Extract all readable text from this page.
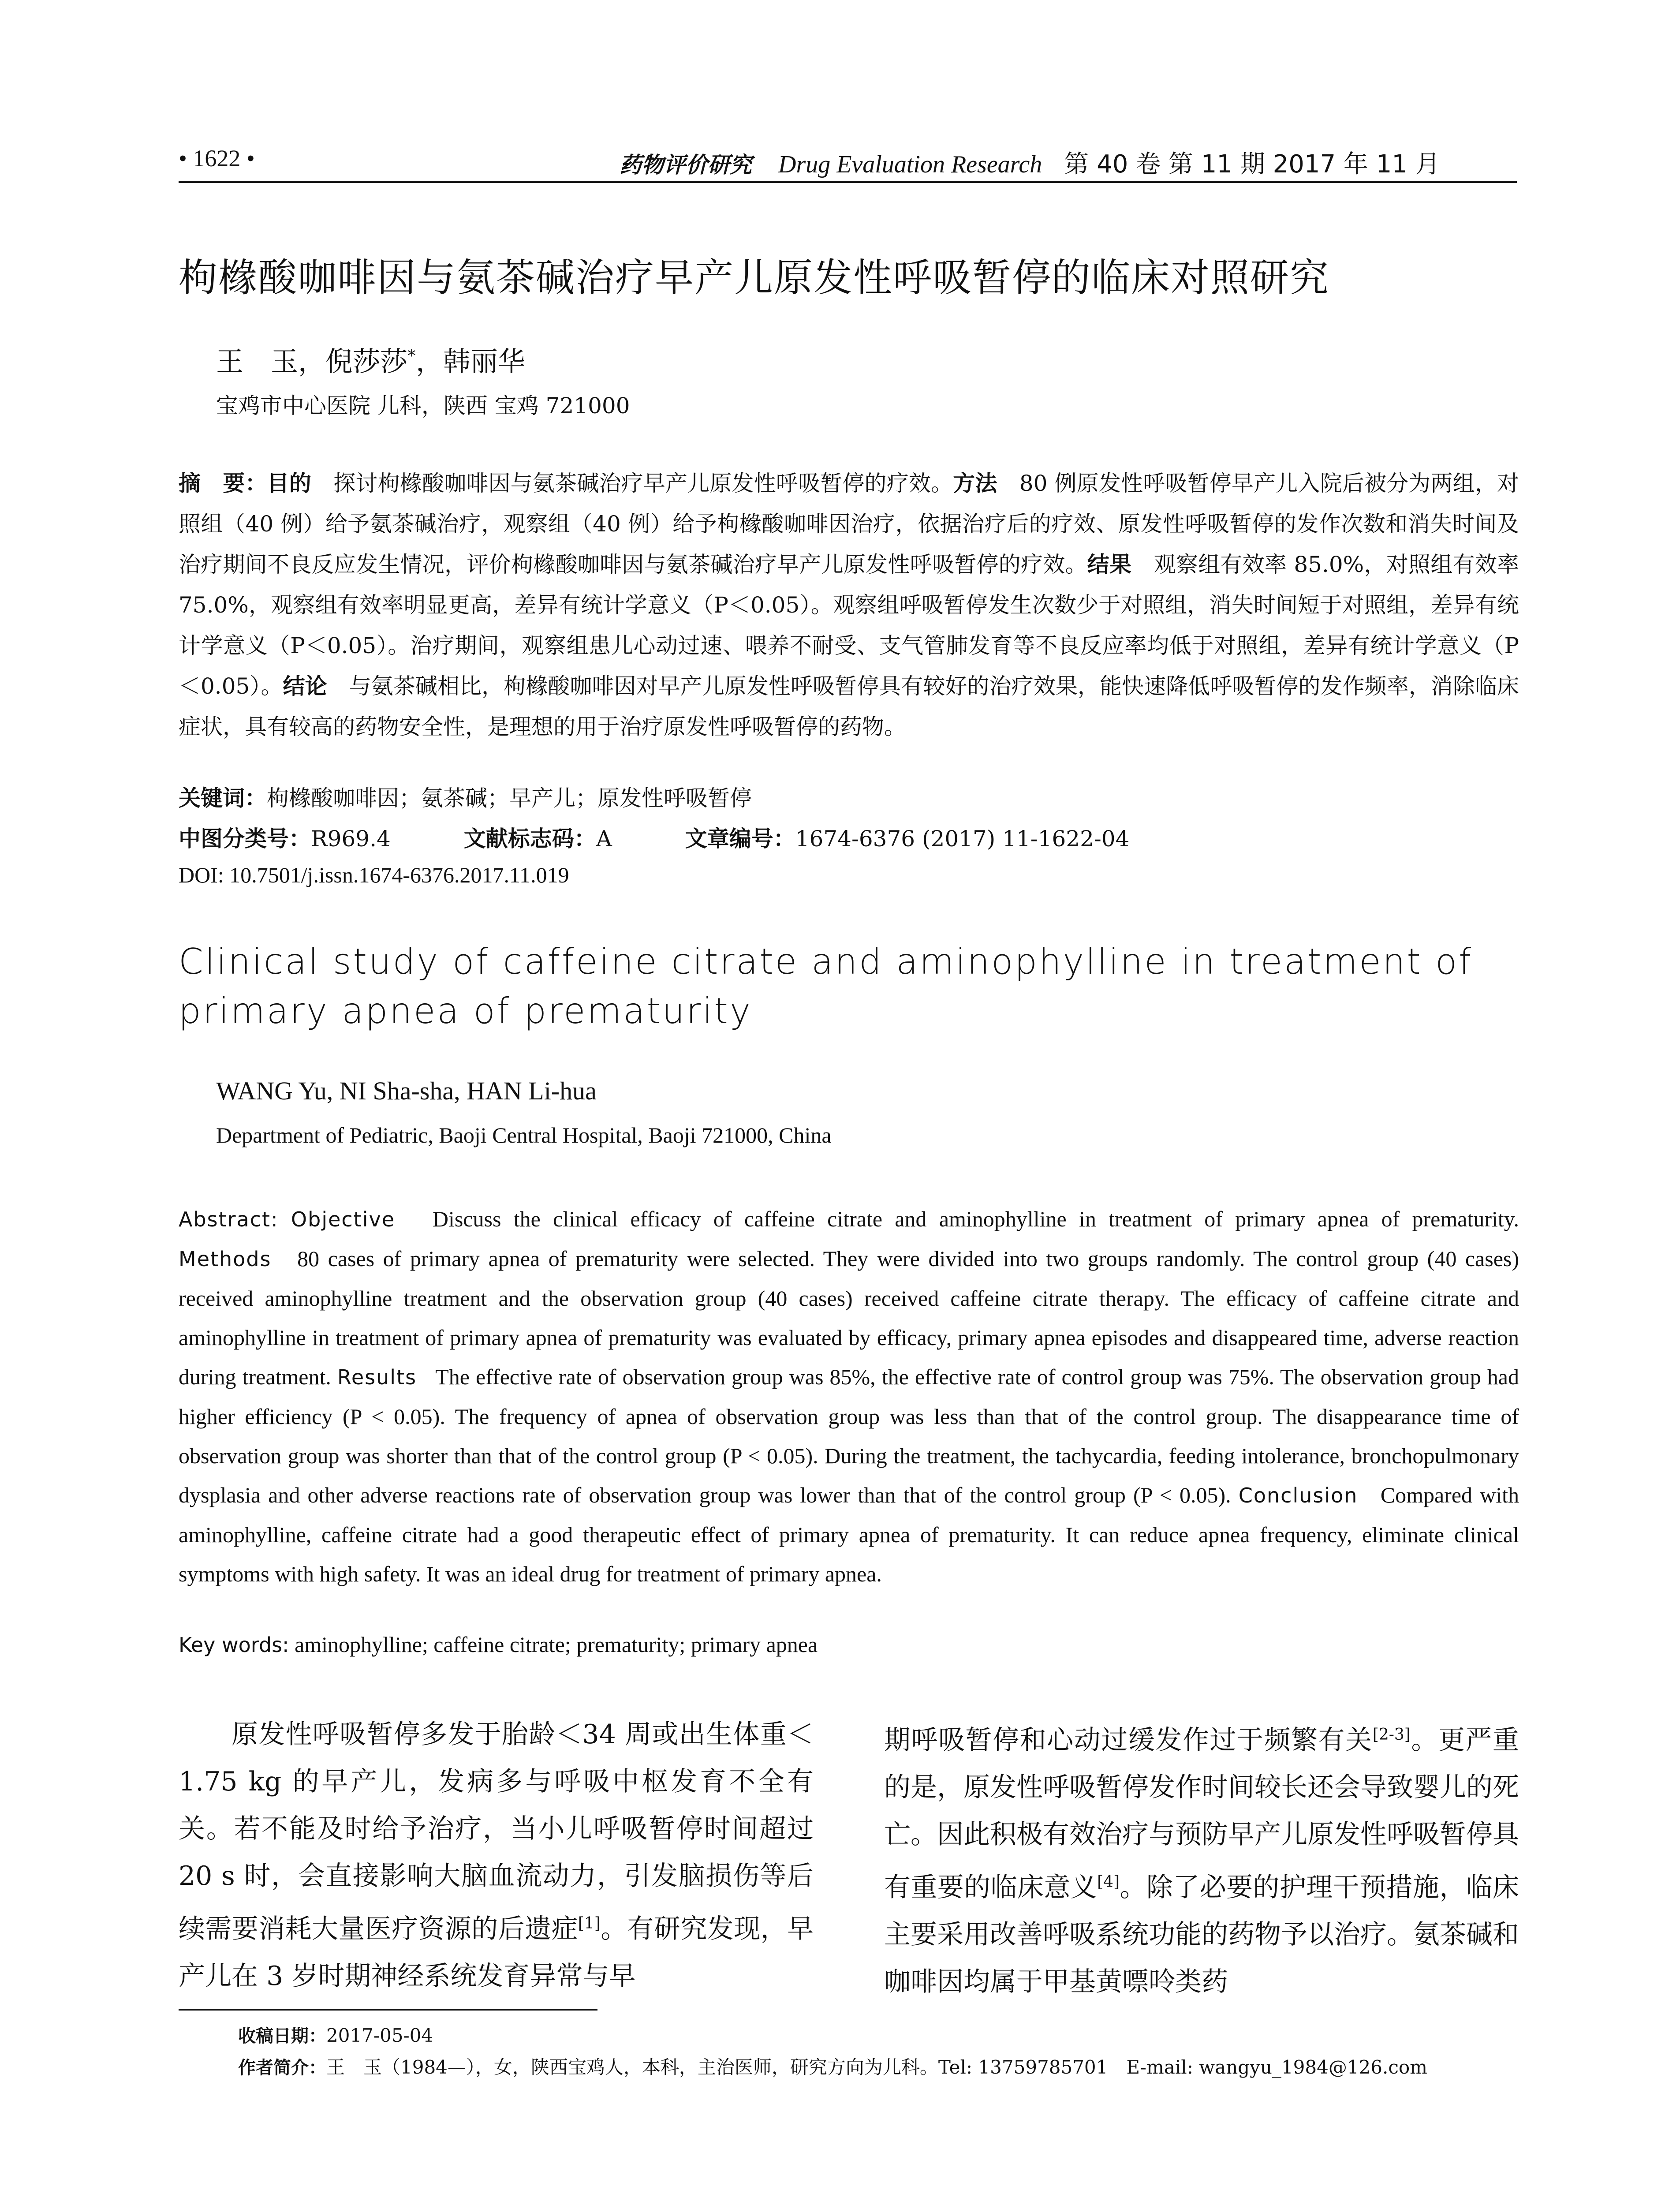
• 1622 •	药物评价研究 Drug Evaluation Research 第 40 卷 第 11 期 2017 年 11 月
枸橼酸咖啡因与氨茶碱治疗早产儿原发性呼吸暂停的临床对照研究
王　玉，倪莎莎*，韩丽华
宝鸡市中心医院 儿科，陕西 宝鸡 721000
摘　要：目的　探讨枸橼酸咖啡因与氨茶碱治疗早产儿原发性呼吸暂停的疗效。方法　80 例原发性呼吸暂停早产儿入院后被分为两组，对照组（40 例）给予氨茶碱治疗，观察组（40 例）给予枸橼酸咖啡因治疗，依据治疗后的疗效、原发性呼吸暂停的发作次数和消失时间及治疗期间不良反应发生情况，评价枸橼酸咖啡因与氨茶碱治疗早产儿原发性呼吸暂停的疗效。结果　观察组有效率 85.0%，对照组有效率 75.0%，观察组有效率明显更高，差异有统计学意义（P＜0.05）。观察组呼吸暂停发生次数少于对照组，消失时间短于对照组，差异有统计学意义（P＜0.05）。治疗期间，观察组患儿心动过速、喂养不耐受、支气管肺发育等不良反应率均低于对照组，差异有统计学意义（P＜0.05）。结论　与氨茶碱相比，枸橼酸咖啡因对早产儿原发性呼吸暂停具有较好的治疗效果，能快速降低呼吸暂停的发作频率，消除临床症状，具有较高的药物安全性，是理想的用于治疗原发性呼吸暂停的药物。
关键词：枸橼酸咖啡因；氨茶碱；早产儿；原发性呼吸暂停
中图分类号：R969.4	文献标志码：A	文章编号：1674-6376 (2017) 11-1622-04
DOI: 10.7501/j.issn.1674-6376.2017.11.019
Clinical study of caffeine citrate and aminophylline in treatment of primary apnea of prematurity
WANG Yu, NI Sha-sha, HAN Li-hua
Department of Pediatric, Baoji Central Hospital, Baoji 721000, China
Abstract: Objective Discuss the clinical efficacy of caffeine citrate and aminophylline in treatment of primary apnea of prematurity. Methods 80 cases of primary apnea of prematurity were selected. They were divided into two groups randomly. The control group (40 cases) received aminophylline treatment and the observation group (40 cases) received caffeine citrate therapy. The efficacy of caffeine citrate and aminophylline in treatment of primary apnea of prematurity was evaluated by efficacy, primary apnea episodes and disappeared time, adverse reaction during treatment. Results The effective rate of observation group was 85%, the effective rate of control group was 75%. The observation group had higher efficiency (P < 0.05). The frequency of apnea of observation group was less than that of the control group. The disappearance time of observation group was shorter than that of the control group (P < 0.05). During the treatment, the tachycardia, feeding intolerance, bronchopulmonary dysplasia and other adverse reactions rate of observation group was lower than that of the control group (P < 0.05). Conclusion Compared with aminophylline, caffeine citrate had a good therapeutic effect of primary apnea of prematurity. It can reduce apnea frequency, eliminate clinical symptoms with high safety. It was an ideal drug for treatment of primary apnea.
Key words: aminophylline; caffeine citrate; prematurity; primary apnea

原发性呼吸暂停多发于胎龄＜34 周或出生体重＜1.75 kg 的早产儿，发病多与呼吸中枢发育不全有关。若不能及时给予治疗，当小儿呼吸暂停时间超过 20 s 时，会直接影响大脑血流动力，引发脑损伤等后续需要消耗大量医疗资源的后遗症[1]。有研究发现，早产儿在 3 岁时期神经系统发育异常与早

期呼吸暂停和心动过缓发作过于频繁有关[2-3]。更严重的是，原发性呼吸暂停发作时间较长还会导致婴儿的死亡。因此积极有效治疗与预防早产儿原发性呼吸暂停具有重要的临床意义[4]。除了必要的护理干预措施，临床主要采用改善呼吸系统功能的药物予以治疗。氨茶碱和咖啡因均属于甲基黄嘌呤类药

收稿日期：2017-05-04
作者简介：王　玉（1984—），女，陕西宝鸡人，本科，主治医师，研究方向为儿科。Tel: 13759785701　E-mail: wangyu_1984@126.com
